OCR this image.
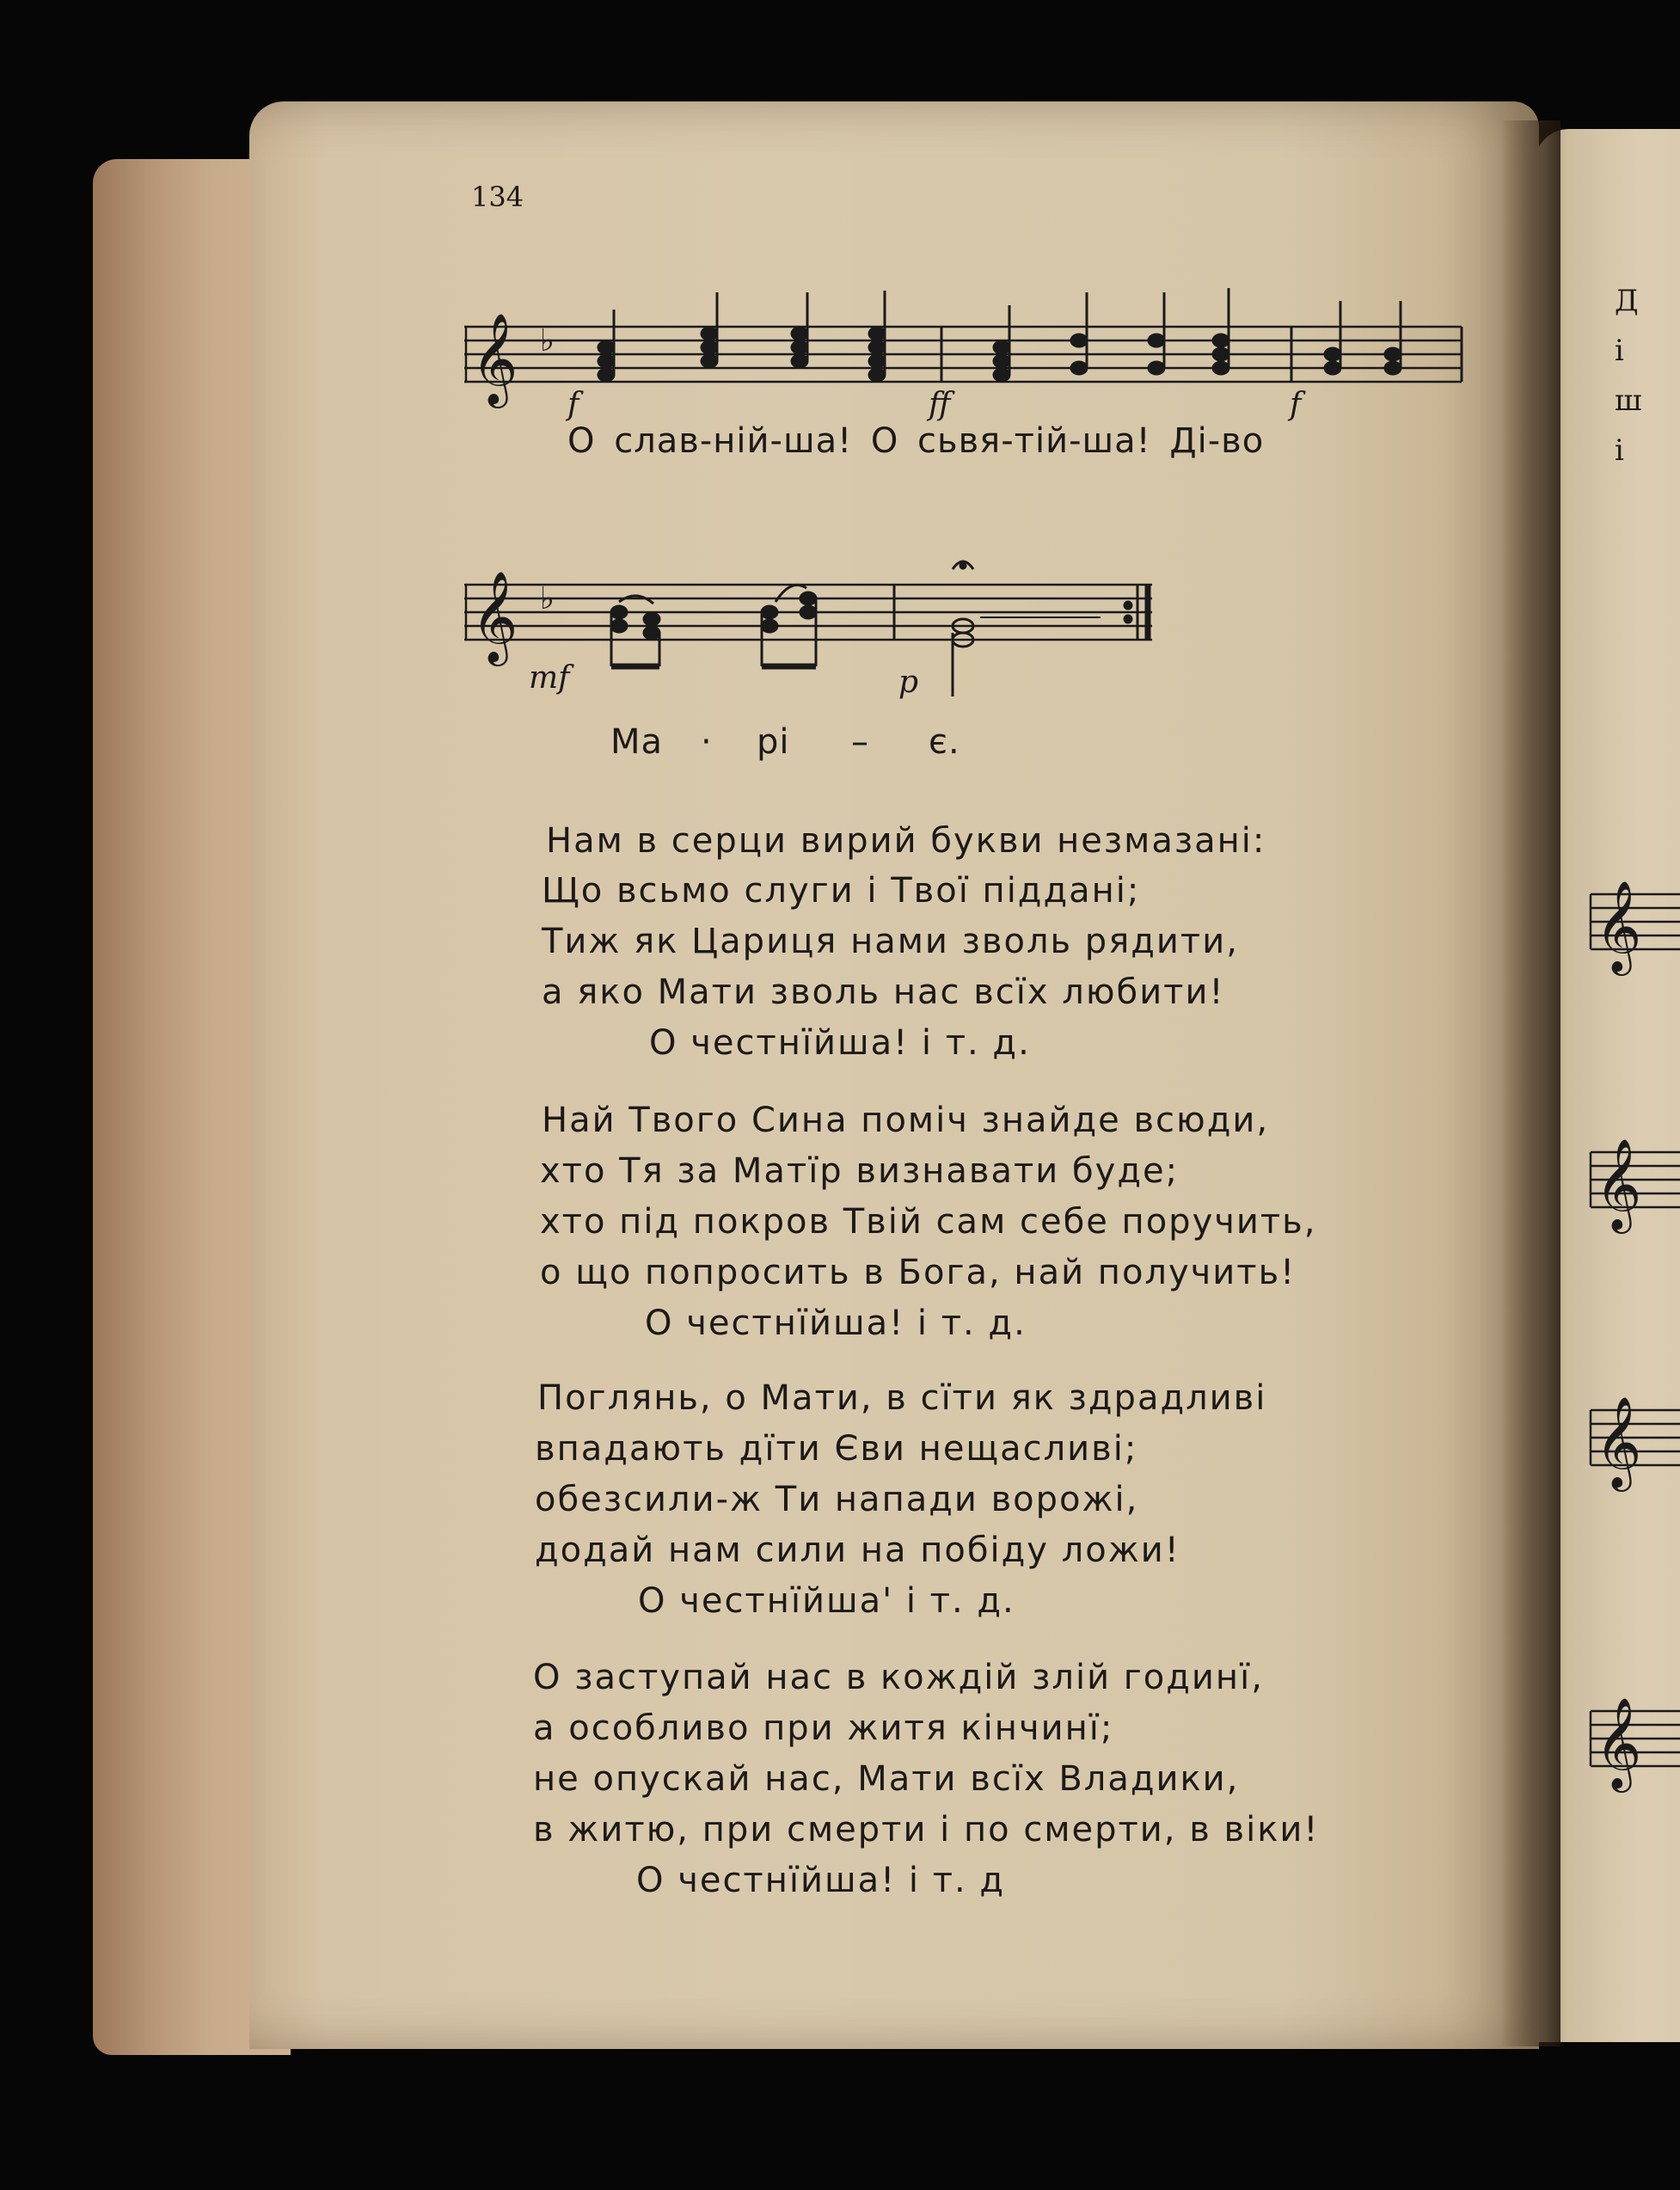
134
𝄞 ♭
f	ff	f
О слав-ній-ша! О сьвя-тій-ша! Ді-во
𝄞 ♭
mf	p
Ма · рі – є.
Нам в серци вирий букви незмазані:
Що всьмо слуги і Твої піддані;
Тиж як Цариця нами зволь рядити,
а яко Мати зволь нас всїх любити!
О честнїйша! і т. д.
Най Твого Сина поміч знайде всюди,
хто Тя за Матїр визнавати буде;
хто під покров Твій сам себе поручить,
о що попросить в Бога, най получить!
О честнїйша! і т. д.
Поглянь, о Мати, в сїти як здрадливі
впадають дїти Єви нещасливі;
обезсили-ж Ти напади ворожі,
додай нам сили на побіду ложи!
О честнїйша' і т. д.
О заступай нас в кождій злій годинї,
а особливо при житя кінчинї;
не опускай нас, Мати всїх Владики,
в житю, при смерти і по смерти, в віки!
О честнїйша! і т. д
Д
і
ш
і
𝄞
𝄞
𝄞
𝄞
